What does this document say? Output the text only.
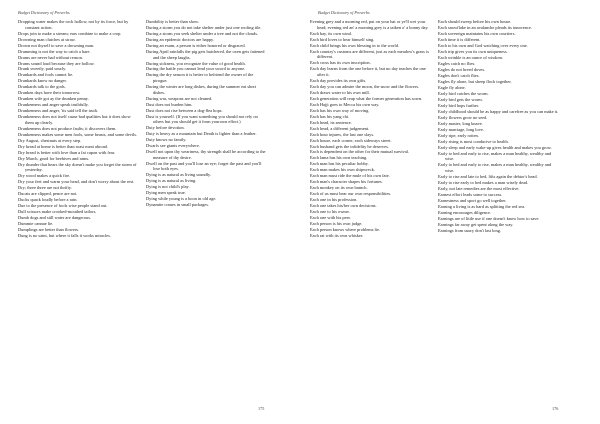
Budget Dictionary of Proverbs

Dropping water makes the rock hollow, not by its force, but by constant action.

Drops join to make a stream; ears combine to make a crop.

Drowning man clutches at straw.

Drown not thyself to save a drowning man.

Drumming is not the way to catch a hare.

Drums are never had without reason.

Drums sound loud because they are hollow.

Drunk sweetly, paid sourly.

Drunkards and fools cannot lie.

Drunkards know no danger.

Drunkards talk to the gods.

Drunken days have their tomorrow.

Drunken wife got ay the drunken penny.

Drunkenness and anger speak truthfully.

Drunkenness and anger, 'tis said tell the truth.

Drunkenness does not itself cause bad qualities but it does show them up clearly.

Drunkenness does not produce faults; it discovers them.

Drunkenness makes some men fools, some beasts, and some devils.

Dry August, chestnuts at every step.

Dry bread at home is better than roast meat abroad.

Dry bread is better with love than a fat capon with fear.

Dry March, good for beehives and rams.

Dry thunder that hears the sky doesn't make you forget the storm of yesterday.

Dry wood makes a quick fire.

Dry your feet and warm your head, and don't worry about the rest.

Dry; three three are not thrifty.

Ducats are clipped, pence are not.

Ducks quack loudly before a rain.

Due to the presence of fools wise people stand out.

Dull scissors make crooked-mouthed tailors.

Dumb dogs and still water are dangerous.

Dummie cannae lie.

Dumplings are better than flowers.

Dung is no saint, but where it falls it works miracles.

Dumbility is better than show.

During a storm you do not take shelter under just one roofing tile.

During a storm you seek shelter under a tree and not the clouds.

During an epidemic doctors are happy.

During an exam, a person is either honored or disgraced.

During April rainfalls the pig gets butchered, the oxen gets fattened and the sheep laughs.

During sickness, you recognize the value of good health.

During the battle you cannot lend your sword to anyone.

During the dry season it is better to befriend the owner of the pirogue.

During the winter are long dishes, during the summer eat short dishes.

During war, weapons are not cleaned.

Dust does not burden him.

Dust does not rise between a dog-flea hops.

Dust is yourself. (If you want something you should not rely on others but you should get it from yourown effort.)

Duty before devotion.

Duty is heavy as a mountain but Death is lighter than a feather.

Duty knows no family.

Dwarfs see giants everywhere.

Dwell not upon thy weariness, thy strength shall be according to the measure of thy desire.

Dwell on the past and you'll lose an eye; forget the past and you'll lose both eyes.

Dying is as natural as living soundly.

Dying is as natural as living.

Dying is not child's play.

Dying men speak true.

Dying while young is a boon in old age.

Dynamite comes in small packages.

175
Budget Dictionary of Proverbs

Evening grey and a morning red, put on your hat or ye'll wet your head; evening red an' a morning grey is a taiken o' a bonny day.

Each bay, its own wind.

Each bird loves to hear himself sing.

Each child brings his own blessing in to the world.

Each country's customs are different, just as each meadow's grass is different.

Each cross has its own inscription.

Each day learns from the one before it, but no day teaches the one after it.

Each day provides its own gifts.

Each day you can admire the moon, the snow and the flowers.

Each draws water to his own mill.

Each generation will reap what the former generation has sown.

Each Hajji goes to Mecca his own way.

Each has his own way of moving.

Each has his yang chi.

Each head, its sentence.

Each head, a different judgement.

Each hour injures, the last one slays.

Each house, each corner, each sideways street.

Each husband gets the infidelity he deserves.

Each is dependent on the other for their mutual survival.

Each lama has his own teaching.

Each man has his peculiar hobby.

Each man makes his own shipwreck.

Each man must ride the mule of his own fate.

Each man's character shapes his fortunes.

Each monkey on its own branch.

Each of us must bear our own responsibilities.

Each one in his profession.

Each one takes his/her own decisions.

Each one to his owner.

Each one with his peer.

Each person is his own judge.

Each person knows where problems lie.

Each rat with its own whisker.

Each should sweep before his own house.

Each snowflake in an avalanche pleads its innocence.

Each sovereign maintains his own courtiers.

Each time it is different.

Each to his own and God watching over every one.

Each trip gives you its own uniqueness.

Each wrinkle is an ounce of wisdom.

Eagles catch no flies.

Eagles do not breed doves.

Eagles don't catch flies.

Eagles fly alone, but sheep flock together.

Eagle fly alone.

Early bird catches the worm.

Early bird gets the worm.

Early bird hops further.

Early childhood should be as happy and carefree as you can make it.

Early flowers grow no seed.

Early master, long knave.

Early marriage, long love.

Early ripe, early rotten.

Early rising is most conducive to health.

Early sleep and early wake-up gives health and makes you grow.

Early to bed and early to rise, makes a man healthy, wealthy and wise.

Early to bed and early to rise, makes a man healthy, wealthy and wise.

Early to rise and late to bed, lifts again the debtor's head.

Early to rise early to bed makes a man wisely dead.

Early, not late remedies are the most effective.

Earnest effort leads some to success.

Earnestness and sport go well together.

Earning a living is as hard as splitting the red sea.

Earning encourages diligence.

Earnings are of little use if one doesn't know how to save.

Earnings far away get spent along the way.

Earnings from usury don't last long.

176
